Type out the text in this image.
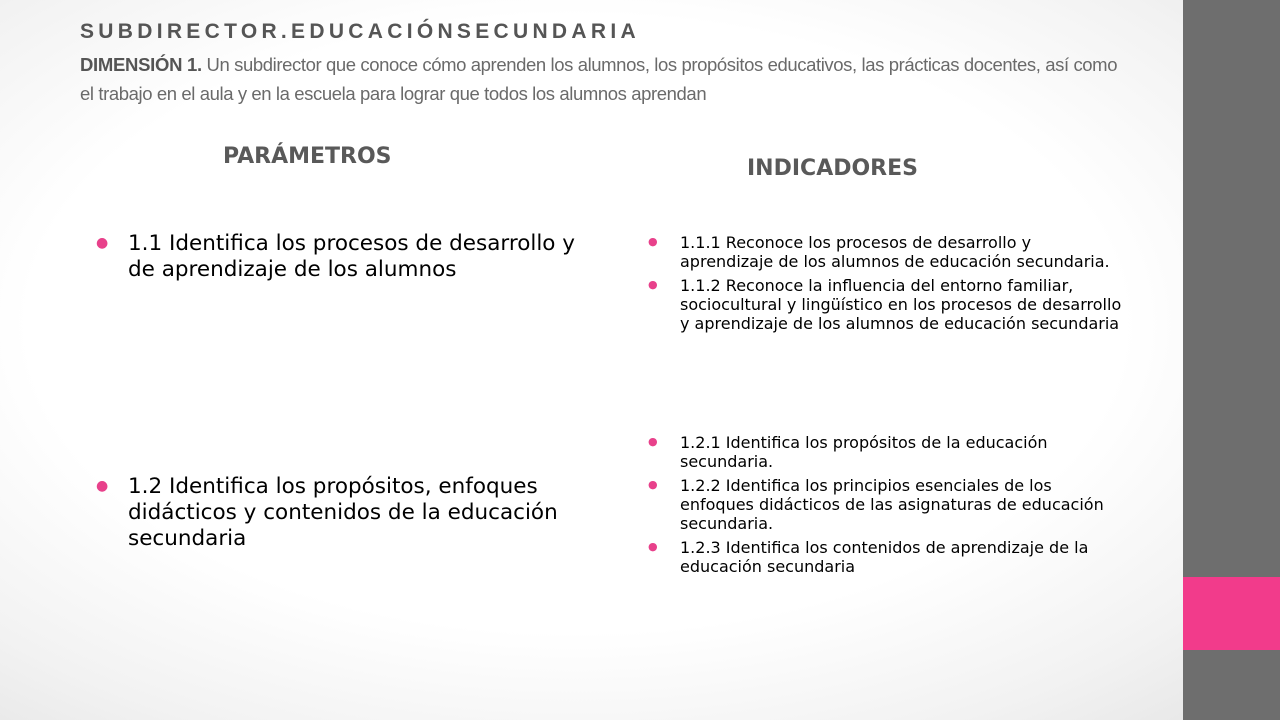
SUBDIRECTOR.EDUCACIÓNSECUNDARIA

DIMENSIÓN 1. Un subdirector que conoce cómo aprenden los alumnos, los propósitos educativos, las prácticas docentes, así como el trabajo en el aula y en la escuela para lograr que todos los alumnos aprendan

PARÁMETROS	INDICADORES
● 1.1 Identifica los procesos de desarrollo y de aprendizaje de los alumnos
● 1.2 Identifica los propósitos, enfoques didácticos y contenidos de la educación secundaria
● 1.1.1 Reconoce los procesos de desarrollo y aprendizaje de los alumnos de educación secundaria.
● 1.1.2 Reconoce la influencia del entorno familiar, sociocultural y lingüístico en los procesos de desarrollo y aprendizaje de los alumnos de educación secundaria
● 1.2.1 Identifica los propósitos de la educación secundaria.
● 1.2.2 Identifica los principios esenciales de los enfoques didácticos de las asignaturas de educación secundaria.
● 1.2.3 Identifica los contenidos de aprendizaje de la educación secundaria
